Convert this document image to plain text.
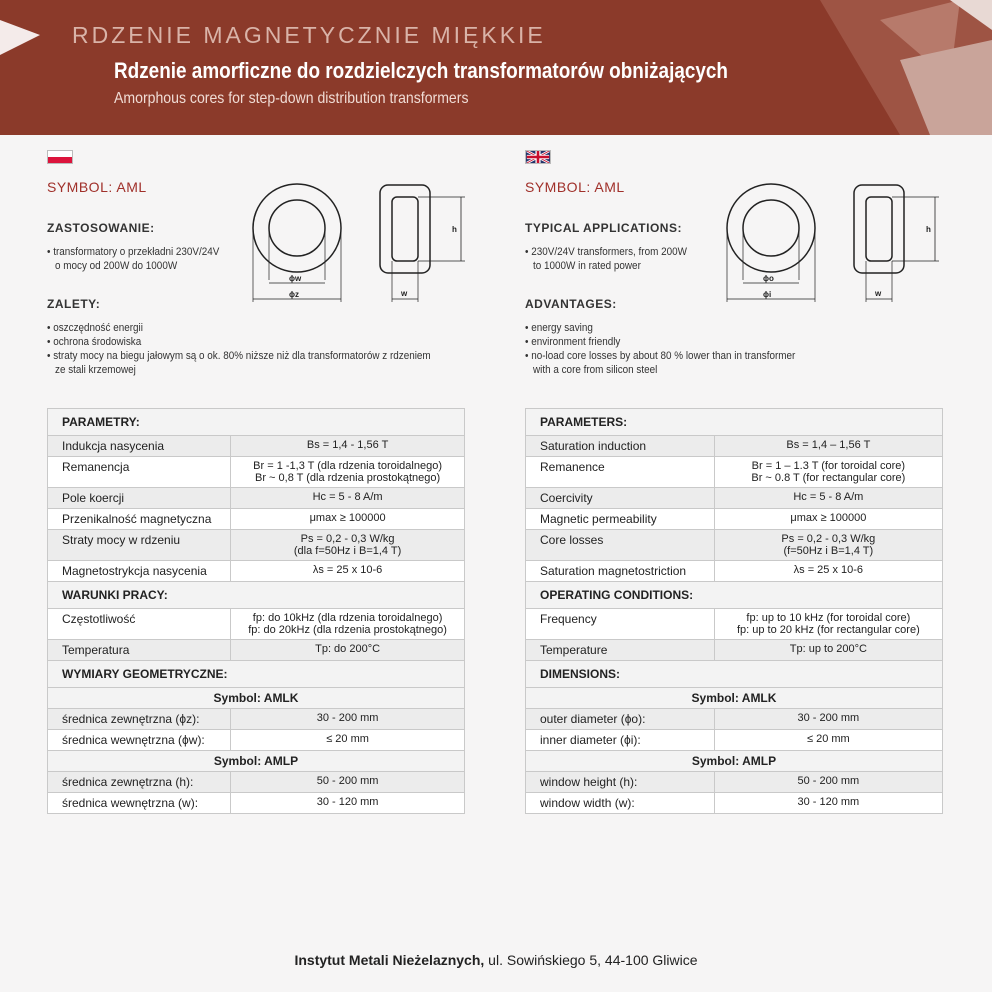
RDZENIE MAGNETYCZNIE MIĘKKIE
Rdzenie amorficzne do rozdzielczych transformatorów obniżających
Amorphous cores for step-down distribution transformers
SYMBOL: AML
ZASTOSOWANIE:
• transformatory o przekładni 230V/24V
o mocy od 200W do 1000W
ZALETY:
• oszczędność energii
• ochrona środowiska
• straty mocy na biegu jałowym są o ok. 80% niższe niż dla transformatorów z rdzeniem
ze stali krzemowej
ϕw
ϕz
h
w
PARAMETRY:	
Indukcja nasycenia	Bs = 1,4 - 1,56 T
Remanencja	Br = 1 -1,3 T (dla rdzenia toroidalnego)
Br ~ 0,8 T (dla rdzenia prostokątnego)

Pole koercji	Hc = 5 - 8 A/m
Przenikalność magnetyczna	μmax ≥ 100000
Straty mocy w rdzeniu	Ps = 0,2 - 0,3 W/kg
(dla f=50Hz i B=1,4 T)

Magnetostrykcja nasycenia	λs = 25 x 10-6
WARUNKI PRACY:	
Częstotliwość	fp: do 10kHz (dla rdzenia toroidalnego)
fp: do 20kHz (dla rdzenia prostokątnego)

Temperatura	Tp: do 200°C
WYMIARY GEOMETRYCZNE:	
Symbol: AMLK	
średnica zewnętrzna (ϕz):	30 - 200 mm
średnica wewnętrzna (ϕw):	≤ 20 mm
Symbol: AMLP	
średnica zewnętrzna (h):	50 - 200 mm
średnica wewnętrzna (w):	30 - 120 mm
SYMBOL: AML
TYPICAL APPLICATIONS:
• 230V/24V transformers, from 200W
to 1000W in rated power
ADVANTAGES:
• energy saving
• environment friendly
• no-load core losses by about 80 % lower than in transformer
with a core from silicon steel
ϕo
ϕi
h
w
PARAMETERS:	
Saturation induction	Bs = 1,4 – 1,56 T
Remanence	Br = 1 – 1.3 T (for toroidal core)
Br ~ 0.8 T (for rectangular core)

Coercivity	Hc = 5 - 8 A/m
Magnetic permeability	μmax ≥ 100000
Core losses	Ps = 0,2 - 0,3 W/kg
(f=50Hz i B=1,4 T)

Saturation magnetostriction	λs = 25 x 10-6
OPERATING CONDITIONS:	
Frequency	fp: up to 10 kHz (for toroidal core)
fp: up to 20 kHz (for rectangular core)

Temperature	Tp: up to 200°C
DIMENSIONS:	
Symbol: AMLK	
outer diameter (ϕo):	30 - 200 mm
inner diameter (ϕi):	≤ 20 mm
Symbol: AMLP	
window height (h):	50 - 200 mm
window width (w):	30 - 120 mm
Instytut Metali Nieżelaznych, ul. Sowińskiego 5, 44-100 Gliwice
